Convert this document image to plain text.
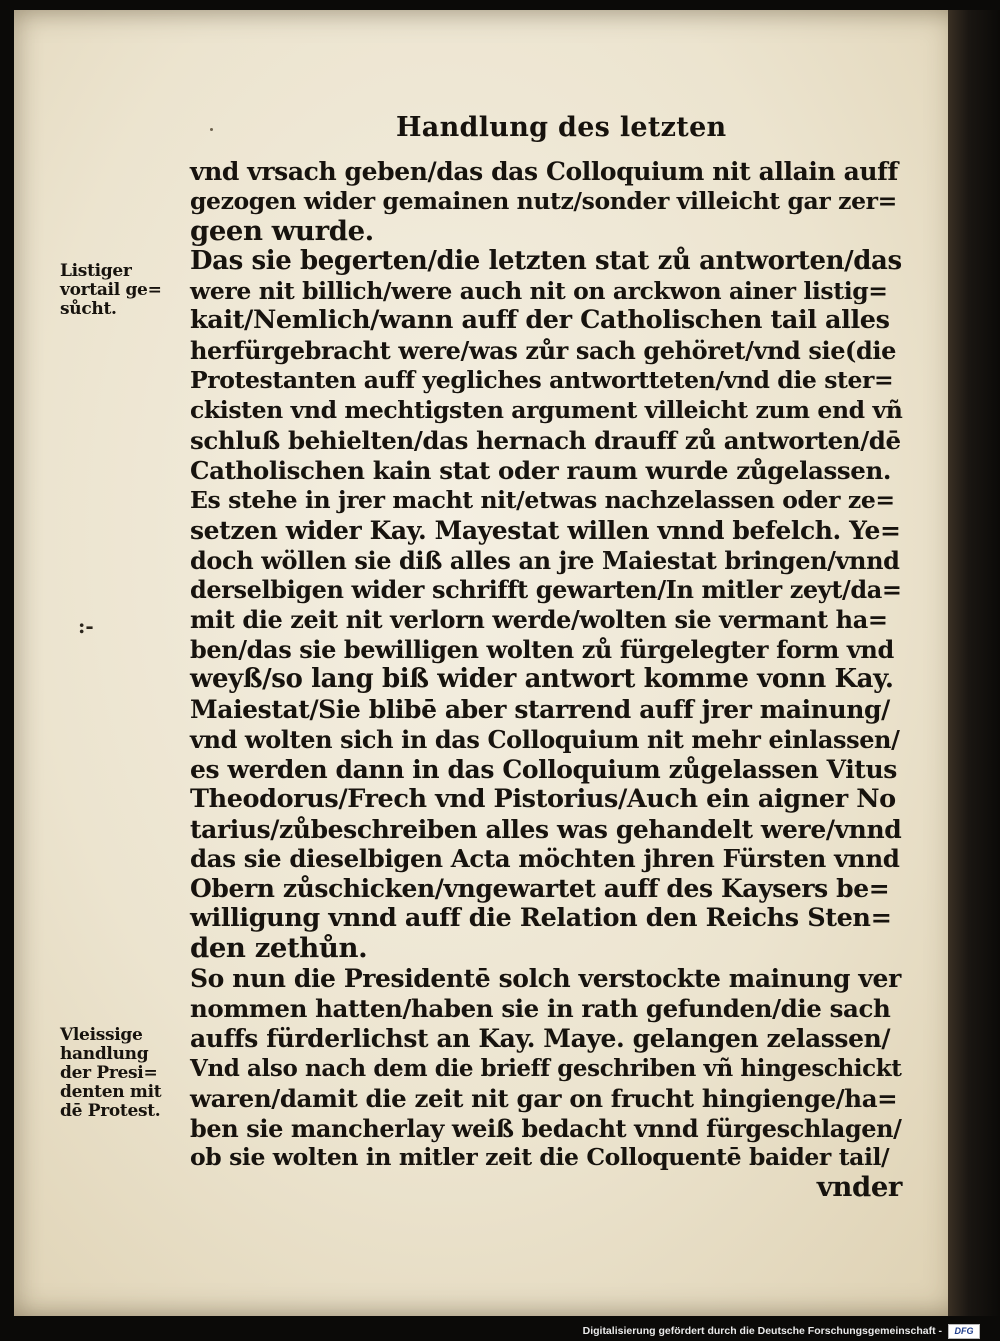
Handlung des letzten
vnd vrsach geben/das das Colloquium nit allain auff
gezogen wider gemainen nutz/sonder villeicht gar zer=
geen wurde.
Das sie begerten/die letzten stat zů antworten/das
were nit billich/were auch nit on arckwon ainer listig=
kait/Nemlich/wann auff der Catholischen tail alles
herfürgebracht were/was zůr sach gehöret/vnd sie(die
Protestanten auff yegliches antwortteten/vnd die ster=
ckisten vnd mechtigsten argument villeicht zum end vñ
schluß behielten/das hernach drauff zů antworten/dē
Catholischen kain stat oder raum wurde zůgelassen.
Es stehe in jrer macht nit/etwas nachzelassen oder ze=
setzen wider Kay. Mayestat willen vnnd befelch. Ye=
doch wöllen sie diß alles an jre Maiestat bringen/vnnd
derselbigen wider schrifft gewarten/In mitler zeyt/da=
mit die zeit nit verlorn werde/wolten sie vermant ha=
ben/das sie bewilligen wolten zů fürgelegter form vnd
weyß/so lang biß wider antwort komme vonn Kay.
Maiestat/Sie blibē aber starrend auff jrer mainung/
vnd wolten sich in das Colloquium nit mehr einlassen/
es werden dann in das Colloquium zůgelassen Vitus
Theodorus/Frech vnd Pistorius/Auch ein aigner No
tarius/zůbeschreiben alles was gehandelt were/vnnd
das sie dieselbigen Acta möchten jhren Fürsten vnnd
Obern zůschicken/vngewartet auff des Kaysers be=
willigung vnnd auff die Relation den Reichs Sten=
den zethůn.
So nun die Presidentē solch verstockte mainung ver
nommen hatten/haben sie in rath gefunden/die sach
auffs fürderlichst an Kay. Maye. gelangen zelassen/
Vnd also nach dem die brieff geschriben vñ hingeschickt
waren/damit die zeit nit gar on frucht hingienge/ha=
ben sie mancherlay weiß bedacht vnnd fürgeschlagen/
ob sie wolten in mitler zeit die Colloquentē baider tail/
vnder
Listiger
vortail ge=
sůcht.
Vleissige
handlung
der Presi=
denten mit
dē Protest.
:-
Digitalisierung gefördert durch die Deutsche Forschungsgemeinschaft -	DFG
